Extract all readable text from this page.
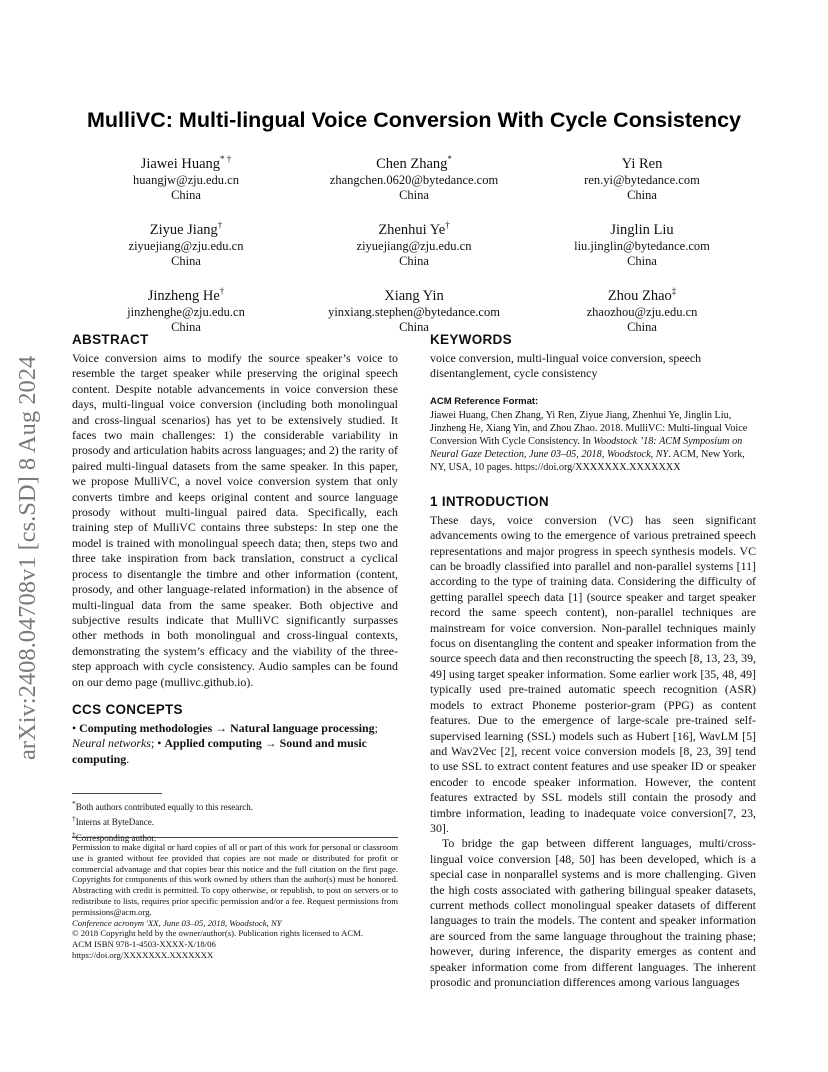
arXiv:2408.04708v1 [cs.SD] 8 Aug 2024
MulliVC: Multi-lingual Voice Conversion With Cycle Consistency
Jiawei Huang* †
huangjw@zju.edu.cn
China
Chen Zhang*
zhangchen.0620@bytedance.com
China
Yi Ren
ren.yi@bytedance.com
China
Ziyue Jiang†
ziyuejiang@zju.edu.cn
China
Zhenhui Ye†
ziyuejiang@zju.edu.cn
China
Jinglin Liu
liu.jinglin@bytedance.com
China
Jinzheng He†
jinzhenghe@zju.edu.cn
China
Xiang Yin
yinxiang.stephen@bytedance.com
China
Zhou Zhao‡
zhaozhou@zju.edu.cn
China
ABSTRACT

Voice conversion aims to modify the source speaker’s voice to resemble the target speaker while preserving the original speech content. Despite notable advancements in voice conversion these days, multi-lingual voice conversion (including both monolingual and cross-lingual scenarios) has yet to be extensively studied. It faces two main challenges: 1) the considerable variability in prosody and articulation habits across languages; and 2) the rarity of paired multi-lingual datasets from the same speaker. In this paper, we propose MulliVC, a novel voice conversion system that only converts timbre and keeps original content and source language prosody without multi-lingual paired data. Specifically, each training step of MulliVC contains three substeps: In step one the model is trained with monolingual speech data; then, steps two and three take inspiration from back translation, construct a cyclical process to disentangle the timbre and other information (content, prosody, and other language-related information) in the absence of multi-lingual data from the same speaker. Both objective and subjective results indicate that MulliVC significantly surpasses other methods in both monolingual and cross-lingual contexts, demonstrating the system’s efficacy and the viability of the three-step approach with cycle consistency. Audio samples can be found on our demo page (mullivc.github.io).

CCS CONCEPTS

• Computing methodologies → Natural language processing; Neural networks; • Applied computing → Sound and music computing.

*Both authors contributed equally to this research.
†Interns at ByteDance.
‡Corresponding author.
Permission to make digital or hard copies of all or part of this work for personal or classroom use is granted without fee provided that copies are not made or distributed for profit or commercial advantage and that copies bear this notice and the full citation on the first page. Copyrights for components of this work owned by others than the author(s) must be honored. Abstracting with credit is permitted. To copy otherwise, or republish, to post on servers or to redistribute to lists, requires prior specific permission and/or a fee. Request permissions from permissions@acm.org.
Conference acronym 'XX, June 03–05, 2018, Woodstock, NY
© 2018 Copyright held by the owner/author(s). Publication rights licensed to ACM.
ACM ISBN 978-1-4503-XXXX-X/18/06
https://doi.org/XXXXXXX.XXXXXXX
KEYWORDS

voice conversion, multi-lingual voice conversion, speech disentanglement, cycle consistency

ACM Reference Format:

Jiawei Huang, Chen Zhang, Yi Ren, Ziyue Jiang, Zhenhui Ye, Jinglin Liu, Jinzheng He, Xiang Yin, and Zhou Zhao. 2018. MulliVC: Multi-lingual Voice Conversion With Cycle Consistency. In Woodstock ’18: ACM Symposium on Neural Gaze Detection, June 03–05, 2018, Woodstock, NY. ACM, New York, NY, USA, 10 pages. https://doi.org/XXXXXXX.XXXXXXX

1 INTRODUCTION

These days, voice conversion (VC) has seen significant advancements owing to the emergence of various pretrained speech representations and major progress in speech synthesis models. VC can be broadly classified into parallel and non-parallel systems [11] according to the type of training data. Considering the difficulty of getting parallel speech data [1] (source speaker and target speaker record the same speech content), non-parallel techniques are mainstream for voice conversion. Non-parallel techniques mainly focus on disentangling the content and speaker information from the source speech data and then reconstructing the speech [8, 13, 23, 39, 49] using target speaker information. Some earlier work [35, 48, 49] typically used pre-trained automatic speech recognition (ASR) models to extract Phoneme posterior-gram (PPG) as content features. Due to the emergence of large-scale pre-trained self-supervised learning (SSL) models such as Hubert [16], WavLM [5] and Wav2Vec [2], recent voice conversion models [8, 23, 39] tend to use SSL to extract content features and use speaker ID or speaker encoder to encode speaker information. However, the content features extracted by SSL models still contain the prosody and timbre information, leading to inadequate voice conversion[7, 23, 30].

To bridge the gap between different languages, multi/cross-lingual voice conversion [48, 50] has been developed, which is a special case in nonparallel systems and is more challenging. Given the high costs associated with gathering bilingual speaker datasets, current methods collect monolingual speaker datasets of different languages to train the models. The content and speaker information are sourced from the same language throughout the training phase; however, during inference, the disparity emerges as content and speaker information come from different languages. The inherent prosodic and pronunciation differences among various languages
